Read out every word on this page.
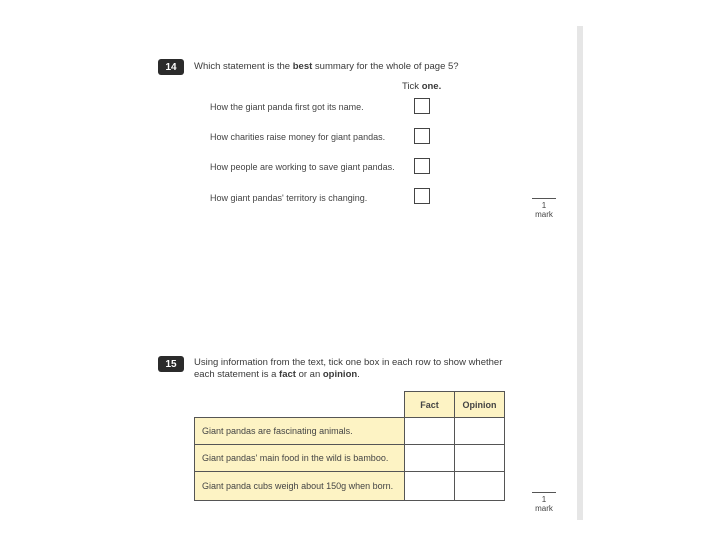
14	Which statement is the best summary for the whole of page 5?
Tick one.
How the giant panda first got its name.
How charities raise money for giant pandas.
How people are working to save giant pandas.
How giant pandas' territory is changing.
1 mark
15	Using information from the text, tick one box in each row to show whether
each statement is a fact or an opinion.
	Fact	Opinion
Giant pandas are fascinating animals.		
Giant pandas' main food in the wild is bamboo.		
Giant panda cubs weigh about 150g when born.		
1 mark
